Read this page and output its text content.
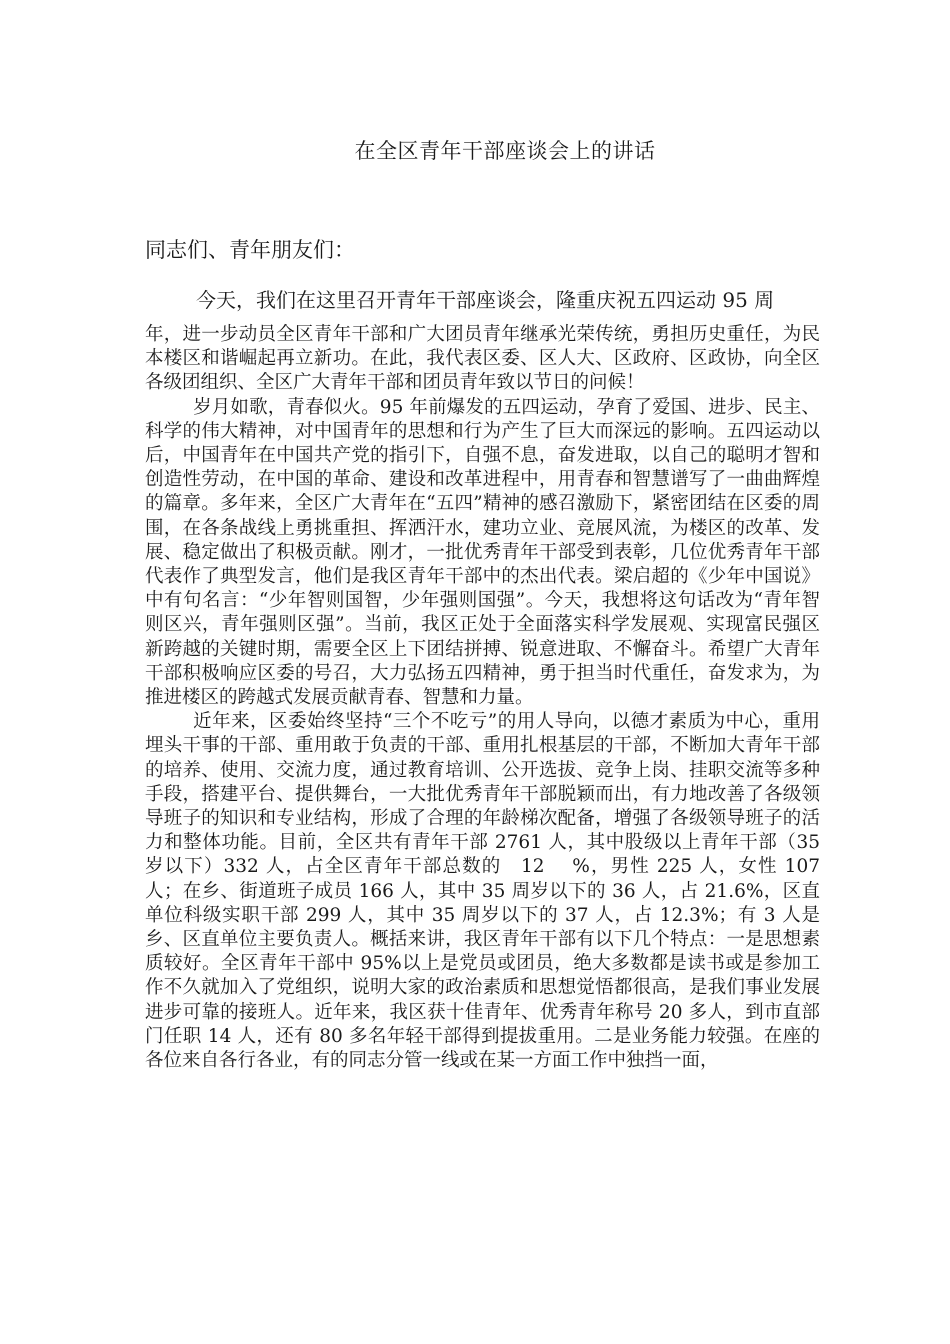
在全区青年干部座谈会上的讲话
同志们、青年朋友们：
今天，我们在这里召开青年干部座谈会，隆重庆祝五四运动 95 周

年，进一步动员全区青年干部和广大团员青年继承光荣传统，勇担历史重任，为民本楼区和谐崛起再立新功。在此，我代表区委、区人大、区政府、区政协，向全区各级团组织、全区广大青年干部和团员青年致以节日的问候！

岁月如歌，青春似火。95 年前爆发的五四运动，孕育了爱国、进步、民主、科学的伟大精神，对中国青年的思想和行为产生了巨大而深远的影响。五四运动以后，中国青年在中国共产党的指引下，自强不息，奋发进取，以自己的聪明才智和创造性劳动，在中国的革命、建设和改革进程中，用青春和智慧谱写了一曲曲辉煌的篇章。多年来，全区广大青年在“五四”精神的感召激励下，紧密团结在区委的周围，在各条战线上勇挑重担、挥洒汗水，建功立业、竞展风流，为楼区的改革、发展、稳定做出了积极贡献。刚才，一批优秀青年干部受到表彰，几位优秀青年干部代表作了典型发言，他们是我区青年干部中的杰出代表。梁启超的《少年中国说》中有句名言：“少年智则国智，少年强则国强”。今天，我想将这句话改为“青年智则区兴，青年强则区强”。当前，我区正处于全面落实科学发展观、实现富民强区新跨越的关键时期，需要全区上下团结拼搏、锐意进取、不懈奋斗。希望广大青年干部积极响应区委的号召，大力弘扬五四精神，勇于担当时代重任，奋发求为，为推进楼区的跨越式发展贡献青春、智慧和力量。

近年来，区委始终坚持“三个不吃亏”的用人导向，以德才素质为中心，重用埋头干事的干部、重用敢于负责的干部、重用扎根基层的干部，不断加大青年干部的培养、使用、交流力度，通过教育培训、公开选拔、竞争上岗、挂职交流等多种手段，搭建平台、提供舞台，一大批优秀青年干部脱颖而出，有力地改善了各级领导班子的知识和专业结构，形成了合理的年龄梯次配备，增强了各级领导班子的活力和整体功能。目前，全区共有青年干部 2761 人，其中股级以上青年干部（35 岁以下）332 人，占全区青年干部总数的　12　 %，男性 225 人，女性 107 人；在乡、街道班子成员 166 人，其中 35 周岁以下的 36 人，占 21.6%，区直单位科级实职干部 299 人，其中 35 周岁以下的 37 人，占 12.3%；有 3 人是乡、区直单位主要负责人。概括来讲，我区青年干部有以下几个特点：一是思想素质较好。全区青年干部中 95%以上是党员或团员，绝大多数都是读书或是参加工作不久就加入了党组织，说明大家的政治素质和思想觉悟都很高，是我们事业发展进步可靠的接班人。近年来，我区获十佳青年、优秀青年称号 20 多人，到市直部门任职 14 人，还有 80 多名年轻干部得到提拔重用。二是业务能力较强。在座的各位来自各行各业，有的同志分管一线或在某一方面工作中独挡一面，
